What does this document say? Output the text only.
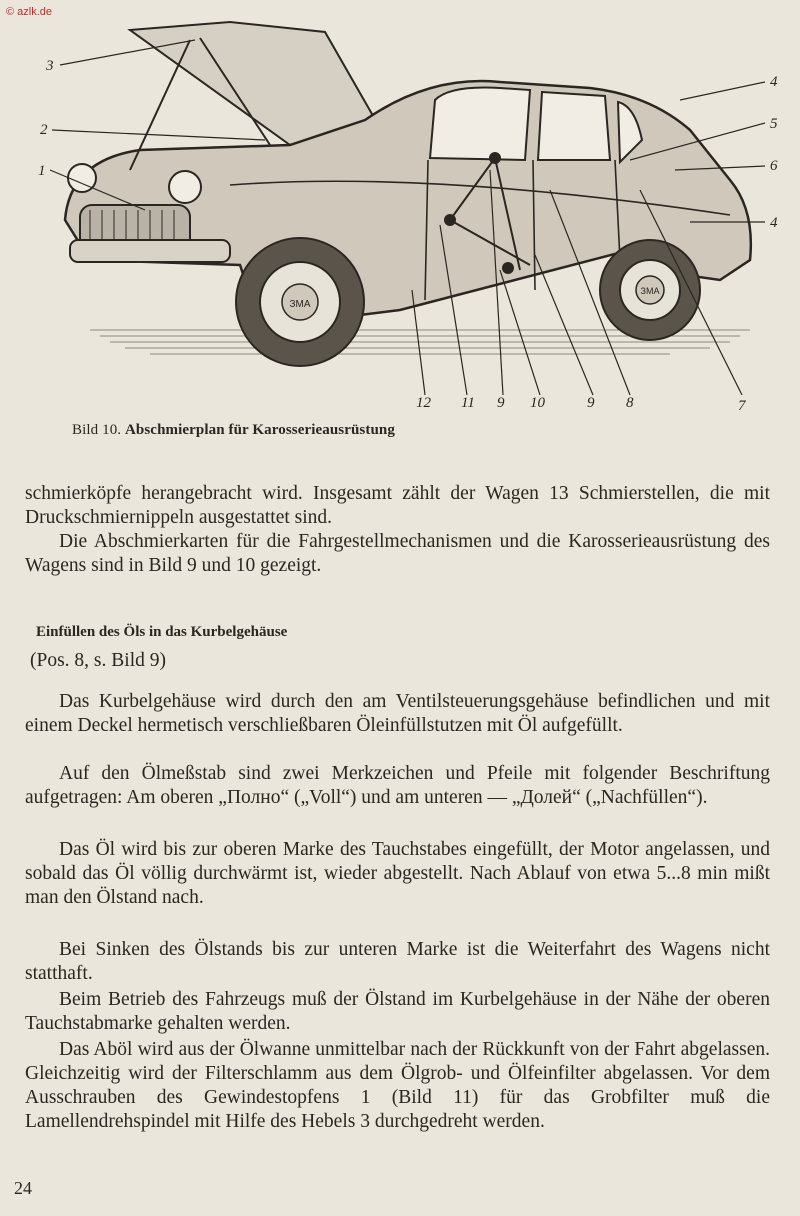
© azlk.de
ЗМА
ЗМА
1
2
3
4
5
6
4
7
8
9
10
9
11
12
Bild 10. Abschmierplan für Karosserieausrüstung

schmierköpfe herangebracht wird. Insgesamt zählt der Wagen 13 Schmierstellen, die mit Druckschmiernippeln ausgestattet sind.

Die Abschmierkarten für die Fahrgestellmechanismen und die Karosserieausrüstung des Wagens sind in Bild 9 und 10 gezeigt.

Einfüllen des Öls in das Kurbelgehäuse
(Pos. 8, s. Bild 9)

Das Kurbelgehäuse wird durch den am Ventilsteuerungsgehäuse befindlichen und mit einem Deckel hermetisch verschließbaren Öleinfüllstutzen mit Öl aufgefüllt.

Auf den Ölmeßstab sind zwei Merkzeichen und Pfeile mit folgender Beschriftung aufgetragen: Am oberen „Полно“ („Voll“) und am unteren — „Долей“ („Nachfüllen“).

Das Öl wird bis zur oberen Marke des Tauchstabes eingefüllt, der Motor angelassen, und sobald das Öl völlig durchwärmt ist, wieder abgestellt. Nach Ablauf von etwa 5...8 min mißt man den Ölstand nach.

Bei Sinken des Ölstands bis zur unteren Marke ist die Weiterfahrt des Wagens nicht statthaft.

Beim Betrieb des Fahrzeugs muß der Ölstand im Kurbelgehäuse in der Nähe der oberen Tauchstabmarke gehalten werden.

Das Aböl wird aus der Ölwanne unmittelbar nach der Rückkunft von der Fahrt abgelassen. Gleichzeitig wird der Filterschlamm aus dem Ölgrob- und Ölfeinfilter abgelassen. Vor dem Ausschrauben des Gewindestopfens 1 (Bild 11) für das Grobfilter muß die Lamellendrehspindel mit Hilfe des Hebels 3 durchgedreht werden.

24
